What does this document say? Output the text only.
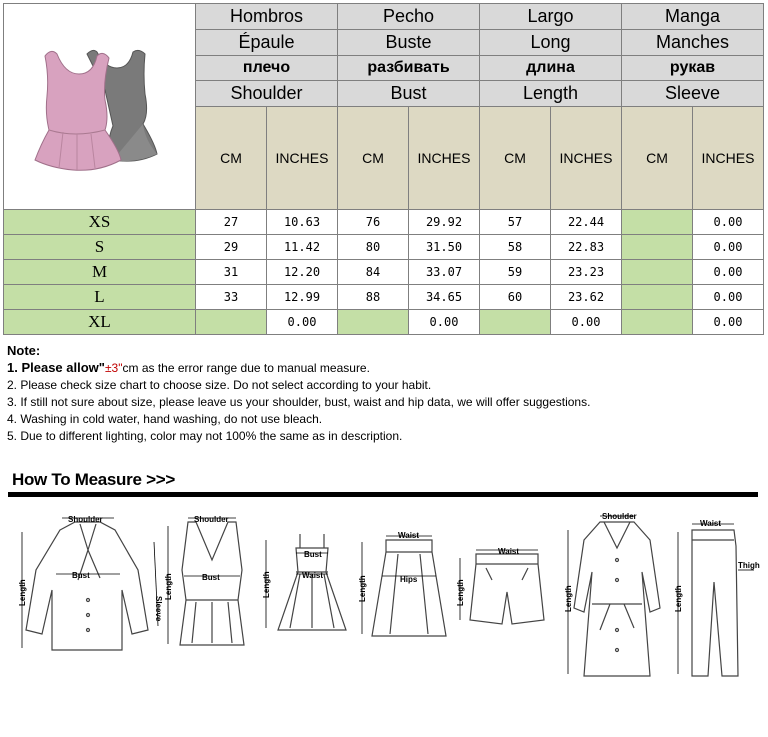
	Hombros		Pecho		Largo		Manga	
	Épaule		Buste		Long		Manches	
	плечо		разбивать		длина		рукав	
	Shoulder		Bust		Length		Sleeve	
	CM	INCHES	CM	INCHES	CM	INCHES	CM	INCHES
XS	27	10.63	76	29.92	57	22.44		0.00
S	29	11.42	80	31.50	58	22.83		0.00
M	31	12.20	84	33.07	59	23.23		0.00
L	33	12.99	88	34.65	60	23.62		0.00
XL		0.00		0.00		0.00		0.00
Note:
1. Please allow"±3"cm as the error range due to manual measure.
2. Please check size chart to choose size. Do not select according to your habit.
3. If still not sure about size, please leave us your shoulder, bust, waist and hip data, we will offer suggestions.
4. Washing in cold water, hand washing, do not use bleach.
5. Due to different lighting, color may not 100% the same as in description.
How To Measure >>>
Shoulder
Bust
Length
Sleeve
Shoulder
Bust
Length
Bust
Waist
Length
Waist
Hips
Length
Waist
Length
Shoulder
Length
Waist
Length
Thigh
